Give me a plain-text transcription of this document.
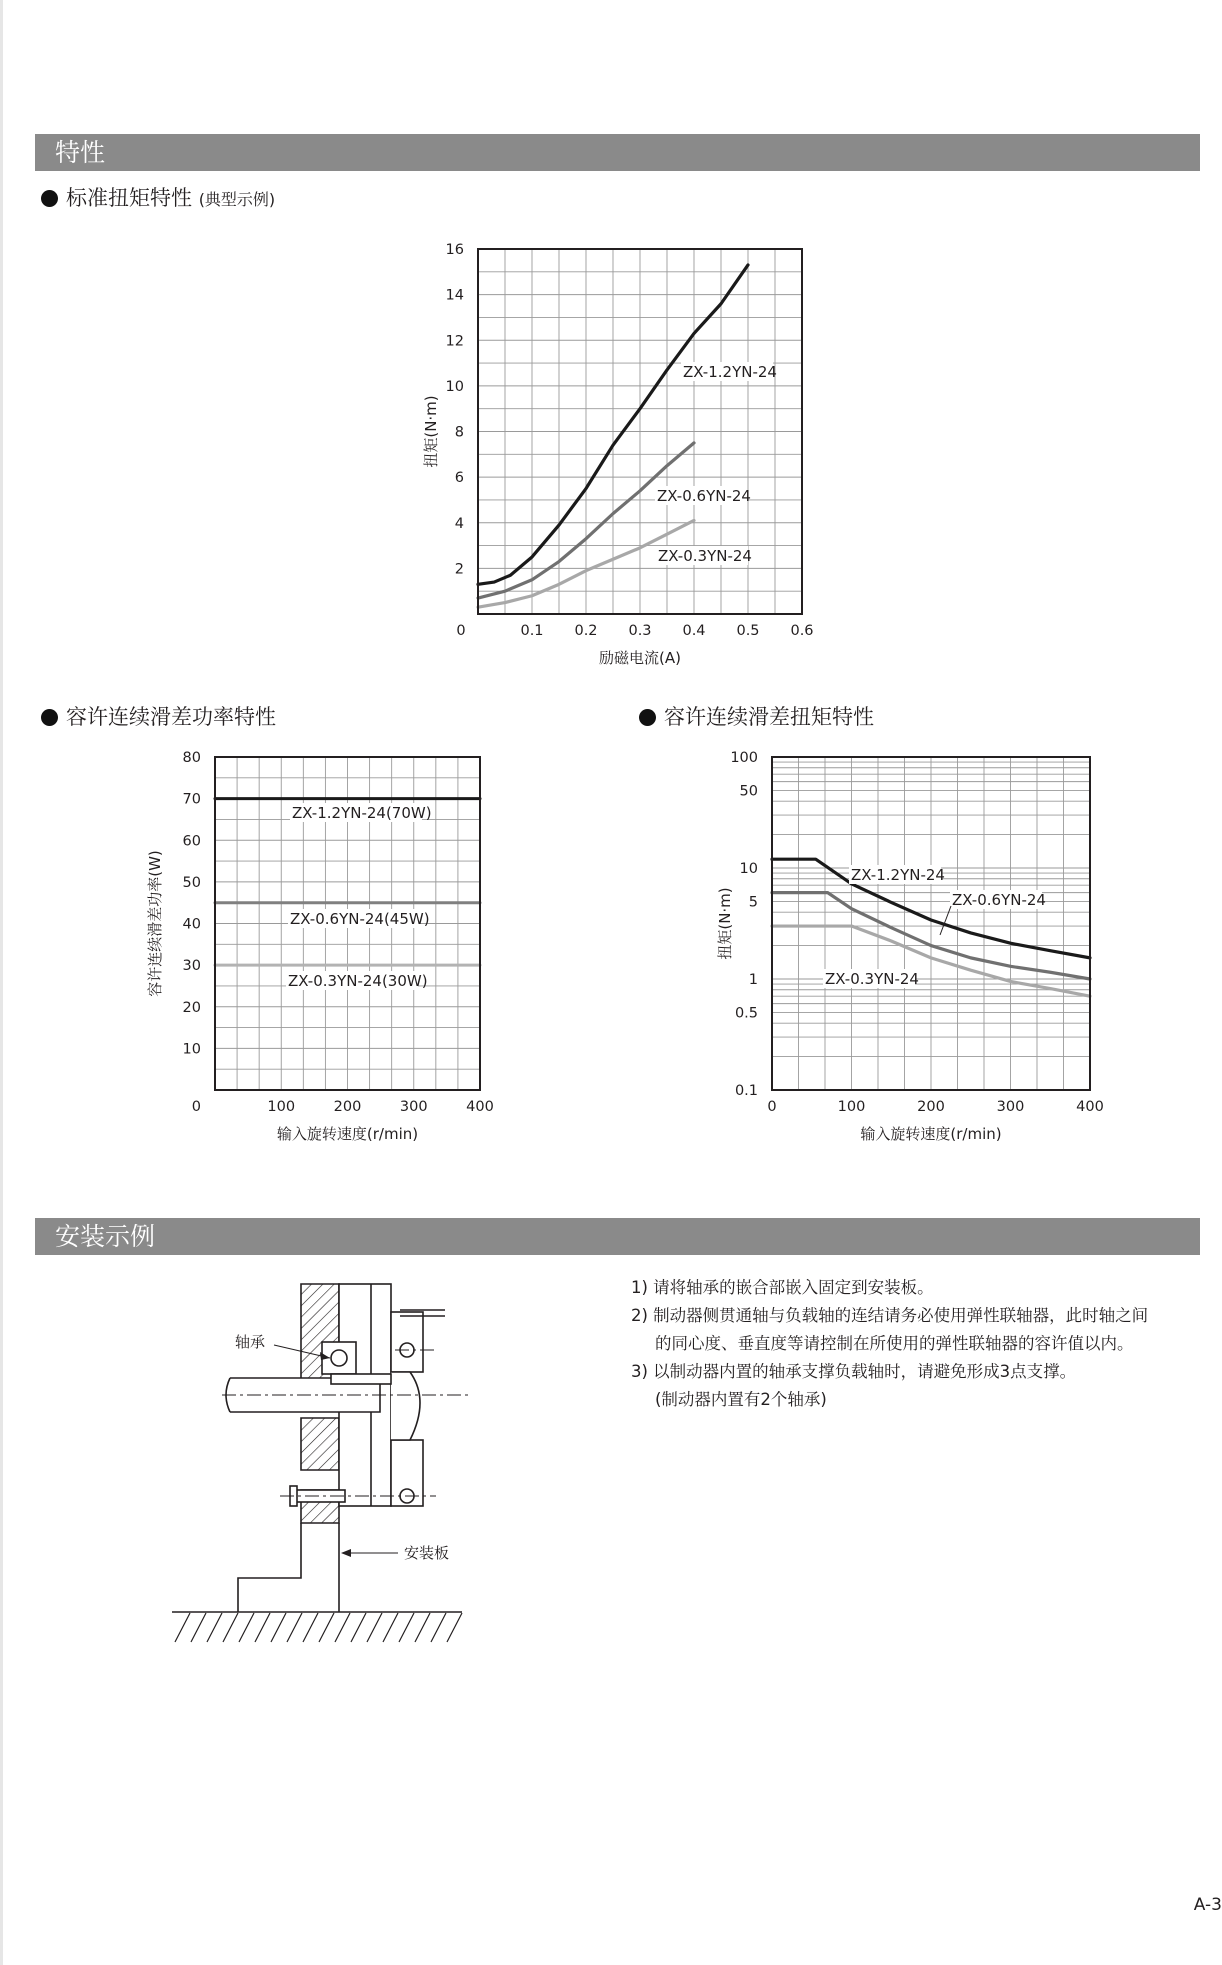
特性
标准扭矩特性 (典型示例)
0.1 0.2 0.3 0.4 0.5 0.6
2
4
6
8
10
12
14
16
0
ZX-1.2YN-24
ZX-0.6YN-24
ZX-0.3YN-24
励磁电流(A)
扭矩(N·m)
容许连续滑差功率特性	容许连续滑差扭矩特性
100	200	300	400
10
20
30
40
50
60
70
80
0
ZX-1.2YN-24(70W)
ZX-0.6YN-24(45W)
ZX-0.3YN-24(30W)
输入旋转速度(r/min)
容许连续滑差功率(W)
0	100	200	300	400
0.1
0.5
1
5
10
50
100
ZX-1.2YN-24
ZX-0.6YN-24
ZX-0.3YN-24
输入旋转速度(r/min)
扭矩(N·m)
安装示例
轴承
安装板
1) 请将轴承的嵌合部嵌入固定到安装板。
2) 制动器侧贯通轴与负载轴的连结请务必使用弹性联轴器，此时轴之间
的同心度、垂直度等请控制在所使用的弹性联轴器的容许值以内。
3) 以制动器内置的轴承支撑负载轴时，请避免形成3点支撑。
(制动器内置有2个轴承)
A-3
